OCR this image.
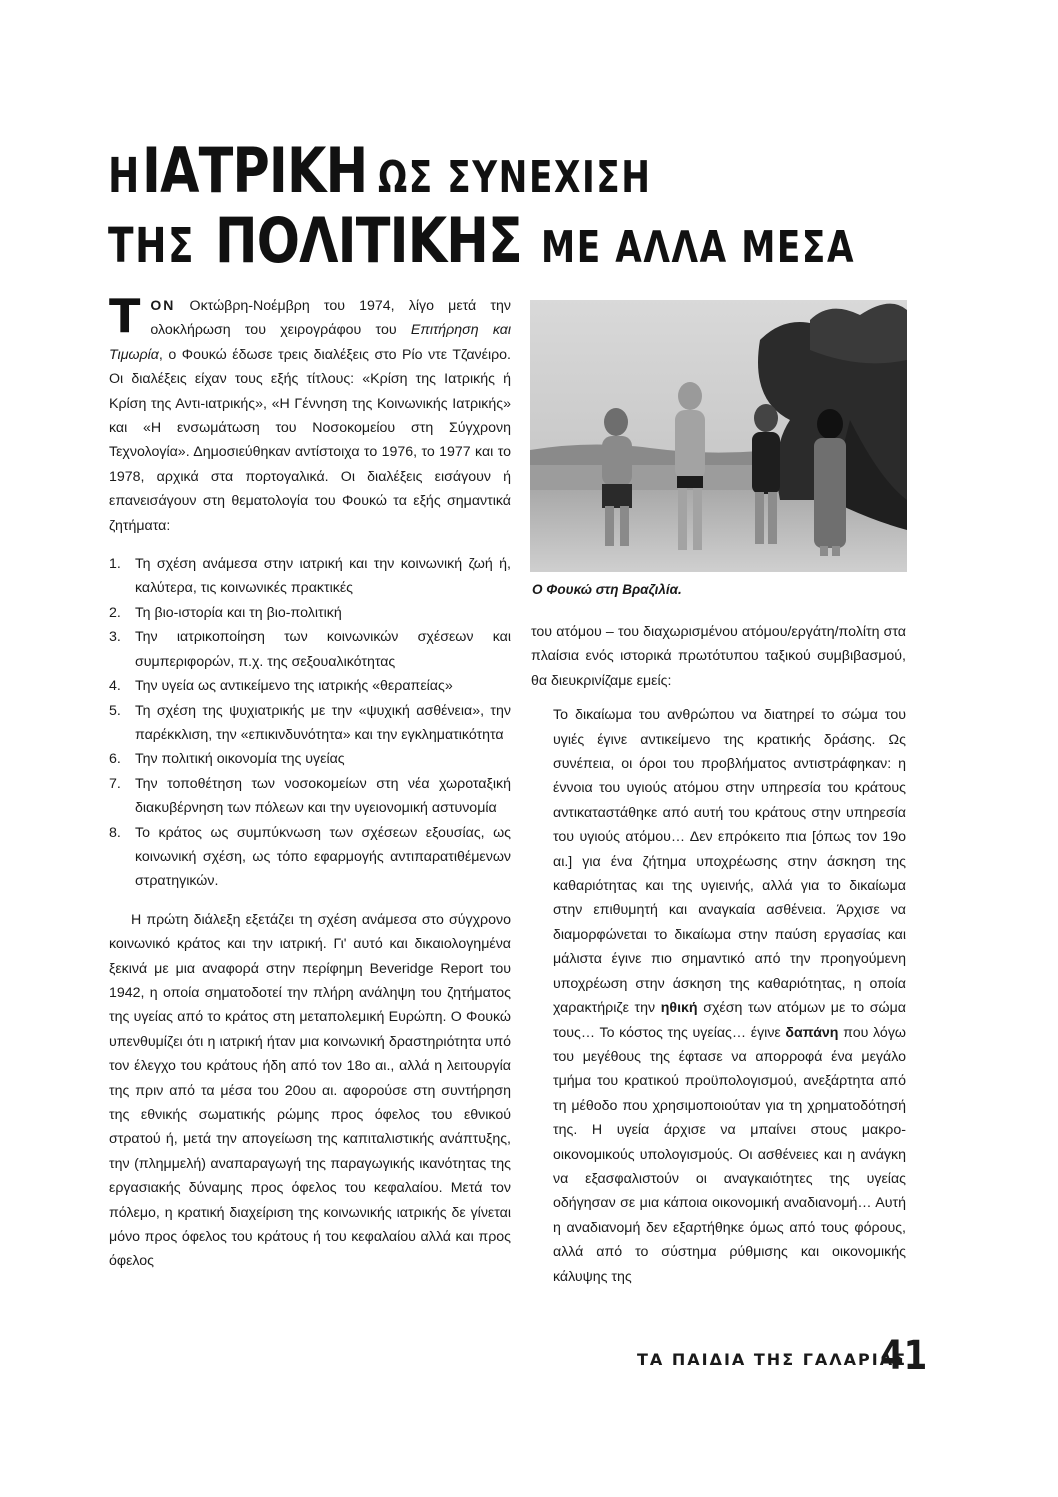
Η ΙΑΤΡΙΚΗ ΩΣ ΣΥΝΕΧΙΣΗ
ΤΗΣ ΠΟΛΙΤΙΚΗΣ ΜΕ ΑΛΛΑ ΜΕΣΑ

ΤΟΝ Οκτώβρη-Νοέμβρη του 1974, λίγο μετά την ολοκλήρωση του χειρογράφου του Επιτήρηση και Τιμωρία, ο Φουκώ έδωσε τρεις διαλέξεις στο Ρίο ντε Τζανέιρο. Οι διαλέξεις είχαν τους εξής τίτλους: «Κρίση της Ιατρικής ή Κρίση της Αντι-ιατρικής», «Η Γέννηση της Κοινωνικής Ιατρικής» και «Η ενσωμάτωση του Νοσοκομείου στη Σύγχρονη Τεχνολογία». Δημοσιεύθηκαν αντίστοιχα το 1976, το 1977 και το 1978, αρχικά στα πορτογαλικά. Οι διαλέξεις εισάγουν ή επανεισάγουν στη θεματολογία του Φουκώ τα εξής σημαντικά ζητήματα:

1. Τη σχέση ανάμεσα στην ιατρική και την κοινωνική ζωή ή, καλύτερα, τις κοινωνικές πρακτικές
2. Τη βιο-ιστορία και τη βιο-πολιτική
3. Την ιατρικοποίηση των κοινωνικών σχέσεων και συμπεριφορών, π.χ. της σεξουαλικότητας
4. Την υγεία ως αντικείμενο της ιατρικής «θεραπείας»
5. Τη σχέση της ψυχιατρικής με την «ψυχική ασθένεια», την παρέκκλιση, την «επικινδυνότητα» και την εγκληματικότητα
6. Την πολιτική οικονομία της υγείας
7. Την τοποθέτηση των νοσοκομείων στη νέα χωροταξική διακυβέρνηση των πόλεων και την υγειονομική αστυνομία
8. Το κράτος ως συμπύκνωση των σχέσεων εξουσίας, ως κοινωνική σχέση, ως τόπο εφαρμογής αντιπαρατιθέμενων στρατηγικών.

Η πρώτη διάλεξη εξετάζει τη σχέση ανάμεσα στο σύγχρονο κοινωνικό κράτος και την ιατρική. Γι' αυτό και δικαιολογημένα ξεκινά με μια αναφορά στην περίφημη Beveridge Report του 1942, η οποία σηματοδοτεί την πλήρη ανάληψη του ζητήματος της υγείας από το κράτος στη μεταπολεμική Ευρώπη. Ο Φουκώ υπενθυμίζει ότι η ιατρική ήταν μια κοινωνική δραστηριότητα υπό τον έλεγχο του κράτους ήδη από τον 18ο αι., αλλά η λειτουργία της πριν από τα μέσα του 20ου αι. αφορούσε στη συντήρηση της εθνικής σωματικής ρώμης προς όφελος του εθνικού στρατού ή, μετά την απογείωση της καπιταλιστικής ανάπτυξης, την (πλημμελή) αναπαραγωγή της παραγωγικής ικανότητας της εργασιακής δύναμης προς όφελος του κεφαλαίου. Μετά τον πόλεμο, η κρατική διαχείριση της κοινωνικής ιατρικής δε γίνεται μόνο προς όφελος του κράτους ή του κεφαλαίου αλλά και προς όφελος

Ο Φουκώ στη Βραζιλία.

του ατόμου – του διαχωρισμένου ατόμου/εργάτη/πολίτη στα πλαίσια ενός ιστορικά πρωτότυπου ταξικού συμβιβασμού, θα διευκρινίζαμε εμείς:

Το δικαίωμα του ανθρώπου να διατηρεί το σώμα του υγιές έγινε αντικείμενο της κρατικής δράσης. Ως συνέπεια, οι όροι του προβλήματος αντιστράφηκαν: η έννοια του υγιούς ατόμου στην υπηρεσία του κράτους αντικαταστάθηκε από αυτή του κράτους στην υπηρεσία του υγιούς ατόμου… Δεν επρόκειτο πια [όπως τον 19ο αι.] για ένα ζήτημα υποχρέωσης στην άσκηση της καθαριότητας και της υγιεινής, αλλά για το δικαίωμα στην επιθυμητή και αναγκαία ασθένεια. Άρχισε να διαμορφώνεται το δικαίωμα στην παύση εργασίας και μάλιστα έγινε πιο σημαντικό από την προηγούμενη υποχρέωση στην άσκηση της καθαριότητας, η οποία χαρακτήριζε την ηθική σχέση των ατόμων με το σώμα τους… Το κόστος της υγείας… έγινε δαπάνη που λόγω του μεγέθους της έφτασε να απορροφά ένα μεγάλο τμήμα του κρατικού προϋπολογισμού, ανεξάρτητα από τη μέθοδο που χρησιμοποιούταν για τη χρηματοδότησή της. Η υγεία άρχισε να μπαίνει στους μακρο-οικονομικούς υπολογισμούς. Οι ασθένειες και η ανάγκη να εξασφαλιστούν οι αναγκαιότητες της υγείας οδήγησαν σε μια κάποια οικονομική αναδιανομή… Αυτή η αναδιανομή δεν εξαρτήθηκε όμως από τους φόρους, αλλά από το σύστημα ρύθμισης και οικονομικής κάλυψης της

ΤΑ ΠΑΙΔΙΑ ΤΗΣ ΓΑΛΑΡΙΑΣ
41
